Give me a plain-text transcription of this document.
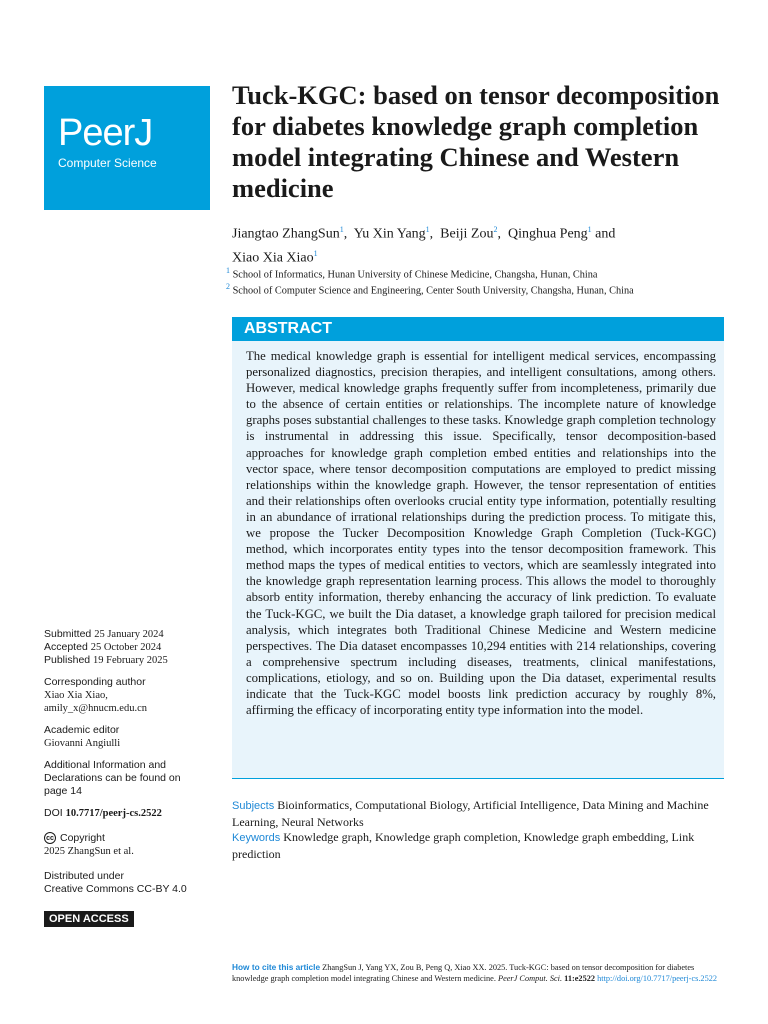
PeerJ
Computer Science
Tuck-KGC: based on tensor decomposition for diabetes knowledge graph completion model integrating Chinese and Western medicine
Jiangtao ZhangSun$^1$,  Yu Xin Yang$^1$,  Beiji Zou$^2$,  Qinghua Peng$^1$ and
Xiao Xia Xiao$^1$
$^1$ School of Informatics, Hunan University of Chinese Medicine, Changsha, Hunan, China
$^2$ School of Computer Science and Engineering, Center South University, Changsha, Hunan, China
ABSTRACT

The medical knowledge graph is essential for intelligent medical services, encompassing personalized diagnostics, precision therapies, and intelligent consultations, among others. However, medical knowledge graphs frequently suffer from incompleteness, primarily due to the absence of certain entities or relationships. The incomplete nature of knowledge graphs poses substantial challenges to these tasks. Knowledge graph completion technology is instrumental in addressing this issue. Specifically, tensor decomposition-based approaches for knowledge graph completion embed entities and relationships into the vector space, where tensor decomposition computations are employed to predict missing relationships within the knowledge graph. However, the tensor representation of entities and their relationships often overlooks crucial entity type information, potentially resulting in an abundance of irrational relationships during the prediction process. To mitigate this, we propose the Tucker Decomposition Knowledge Graph Completion (Tuck-KGC) method, which incorporates entity types into the tensor decomposition framework. This method maps the types of medical entities to vectors, which are seamlessly integrated into the knowledge graph representation learning process. This allows the model to thoroughly absorb entity information, thereby enhancing the accuracy of link prediction. To evaluate the Tuck-KGC, we built the Dia dataset, a knowledge graph tailored for precision medical analysis, which integrates both Traditional Chinese Medicine and Western medicine perspectives. The Dia dataset encompasses 10,294 entities with 214 relationships, covering a comprehensive spectrum including diseases, treatments, clinical manifestations, complications, etiology, and so on. Building upon the Dia dataset, experimental results indicate that the Tuck-KGC model boosts link prediction accuracy by roughly 8%, affirming the efficacy of incorporating entity type information into the model.

Subjects Bioinformatics, Computational Biology, Artificial Intelligence, Data Mining and Machine Learning, Neural Networks
Keywords Knowledge graph, Knowledge graph completion, Knowledge graph embedding, Link prediction
Submitted 25 January 2024
Accepted 25 October 2024
Published 19 February 2025
Corresponding author
Xiao Xia Xiao,
amily_x@hnucm.edu.cn
Academic editor
Giovanni Angiulli
Additional Information and Declarations can be found on page 14
DOI 10.7717/peerj-cs.2522
cc Copyright
2025 ZhangSun et al.
Distributed under
Creative Commons CC-BY 4.0
OPEN ACCESS
How to cite this article ZhangSun J, Yang YX, Zou B, Peng Q, Xiao XX. 2025. Tuck-KGC: based on tensor decomposition for diabetes knowledge graph completion model integrating Chinese and Western medicine. PeerJ Comput. Sci. 11:e2522 http://doi.org/10.7717/peerj-cs.2522
